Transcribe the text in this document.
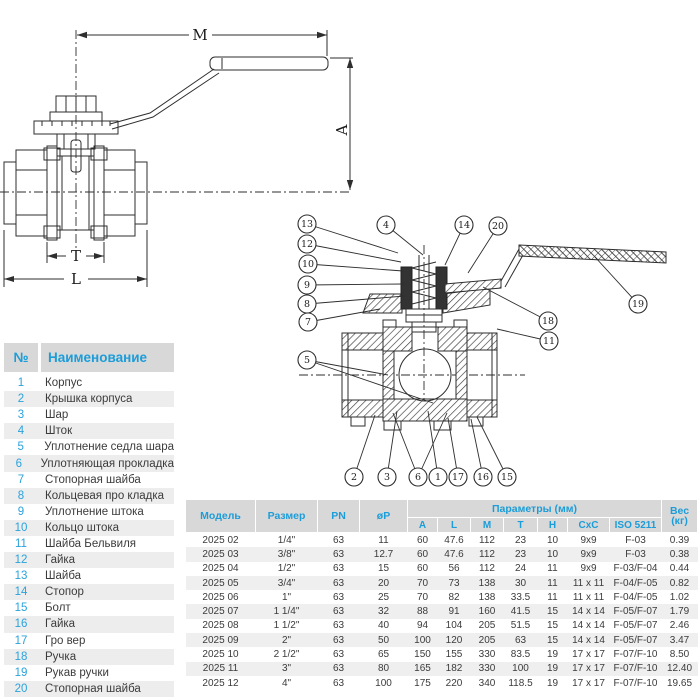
M
A
T
L
13
12
10
9
8
7
5
4	14 20
19
18
11
2	3	6 1 17 16 15
№	Наименование
1	Корпус
2	Крышка корпуса
3	Шар
4	Шток
5	Уплотнение седла шара
6	Уплотняющая прокладка
7	Стопорная шайба
8	Кольцевая про кладка
9	Уплотнение штока
10	Кольцо штока
11	Шайба Бельвиля
12	Гайка
13	Шайба
14	Стопор
15	Болт
16	Гайка
17	Гро вер
18	Ручка
19	Рукав ручки
20	Стопорная шайба
Модель	Размер	PN	øP	Параметры (мм)							Вес
(кг)

				A	L	M	T	H	CxC	ISO 5211	
2025 02	1/4"	63	11	60	47.6	112	23	10	9x9	F-03	0.39
2025 03	3/8"	63	12.7	60	47.6	112	23	10	9x9	F-03	0.38
2025 04	1/2"	63	15	60	56	112	24	11	9x9	F-03/F-04	0.44
2025 05	3/4"	63	20	70	73	138	30	11	11 x 11	F-04/F-05	0.82
2025 06	1"	63	25	70	82	138	33.5	11	11 x 11	F-04/F-05	1.02
2025 07	1 1/4"	63	32	88	91	160	41.5	15	14 x 14	F-05/F-07	1.79
2025 08	1 1/2"	63	40	94	104	205	51.5	15	14 x 14	F-05/F-07	2.46
2025 09	2"	63	50	100	120	205	63	15	14 x 14	F-05/F-07	3.47
2025 10	2 1/2"	63	65	150	155	330	83.5	19	17 x 17	F-07/F-10	8.50
2025 11	3"	63	80	165	182	330	100	19	17 x 17	F-07/F-10	12.40
2025 12	4"	63	100	175	220	340	118.5	19	17 x 17	F-07/F-10	19.65
